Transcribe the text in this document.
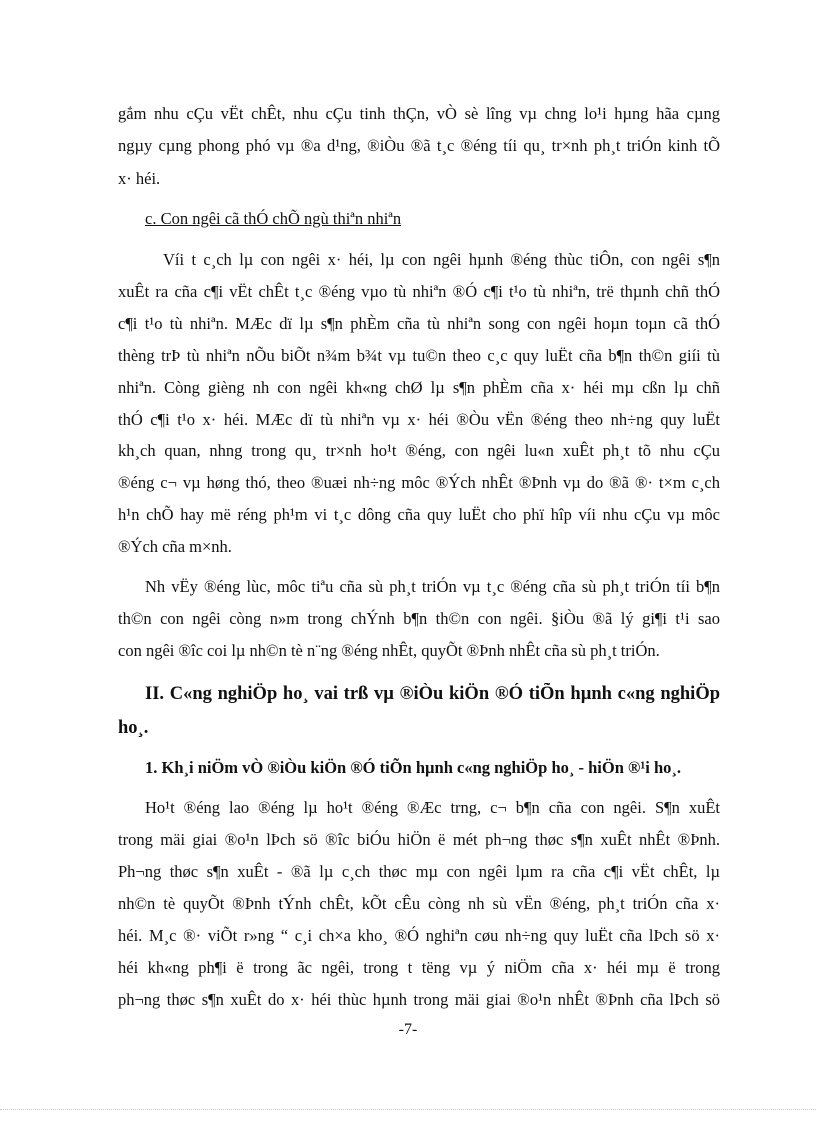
gắm nhu cÇu vËt chÊt, nhu cÇu tinh thÇn, vÒ sè lîng vµ chng lo¹i hµng hãa cµng
ngµy cµng phong phó vµ ®a d¹ng, ®iÒu ®ã t¸c ®éng tíi qu¸ tr×nh ph¸t triÓn kinh tÕ
x· héi.
c. Con ngêi cã thÓ chÕ ngù thiªn nhiªn
Víi t c¸ch lµ con ngêi x· héi, lµ con ngêi hµnh ®éng thùc tiÔn, con ngêi s¶n
xuÊt ra cña c¶i vËt chÊt t¸c ®éng vµo tù nhiªn ®Ó c¶i t¹o tù nhiªn, trë thµnh chñ thÓ
c¶i t¹o tù nhiªn. MÆc dï lµ s¶n phÈm cña tù nhiªn song con ngêi hoµn toµn cã thÓ
thèng trÞ tù nhiªn nÕu biÕt n¾m b¾t vµ tu©n theo c¸c quy luËt cña b¶n th©n giíi tù
nhiªn. Còng gièng nh con ngêi kh«ng chØ lµ s¶n phÈm cña x· héi mµ cßn lµ chñ
thÓ c¶i t¹o x· héi. MÆc dï tù nhiªn vµ x· héi ®Òu vËn ®éng theo nh÷ng quy luËt
kh¸ch quan, nhng trong qu¸ tr×nh ho¹t ®éng, con ngêi lu«n xuÊt ph¸t tõ nhu cÇu
®éng c¬ vµ høng thó, theo ®uæi nh÷ng môc ®Ých nhÊt ®Þnh vµ do ®ã ®· t×m c¸ch
h¹n chÕ hay më réng ph¹m vi t¸c dông cña quy luËt cho phï hîp víi nhu cÇu vµ môc
®Ých cña m×nh.
Nh vËy ®éng lùc, môc tiªu cña sù ph¸t triÓn vµ t¸c ®éng cña sù ph¸t triÓn tíi b¶n
th©n con ngêi còng n»m trong chÝnh b¶n th©n con ngêi. §iÒu ®ã lý gi¶i t¹i sao
con ngêi ®îc coi lµ nh©n tè n¨ng ®éng nhÊt, quyÕt ®Þnh nhÊt cña sù ph¸t triÓn.
II. C«ng nghiÖp ho¸ vai trß vµ ®iÒu kiÖn ®Ó tiÕn hµnh c«ng nghiÖp
ho¸.
1. Kh¸i niÖm vÒ ®iÒu kiÖn ®Ó tiÕn hµnh c«ng nghiÖp ho¸ - hiÖn ®¹i ho¸.
Ho¹t ®éng lao ®éng lµ ho¹t ®éng ®Æc trng, c¬ b¶n cña con ngêi. S¶n xuÊt
trong mäi giai ®o¹n lÞch sö ®îc biÓu hiÖn ë mét ph¬ng thøc s¶n xuÊt nhÊt ®Þnh.
Ph¬ng thøc s¶n xuÊt - ®ã lµ c¸ch thøc mµ con ngêi lµm ra cña c¶i vËt chÊt, lµ
nh©n tè quyÕt ®Þnh tÝnh chÊt, kÕt cÊu còng nh sù vËn ®éng, ph¸t triÓn cña x·
héi. M¸c ®· viÕt r»ng “ c¸i ch×a kho¸ ®Ó nghiªn cøu nh÷ng quy luËt cña lÞch sö x·
héi kh«ng ph¶i ë trong ãc ngêi, trong t tëng vµ ý niÖm cña x· héi mµ ë trong
ph¬ng thøc s¶n xuÊt do x· héi thùc hµnh trong mäi giai ®o¹n nhÊt ®Þnh cña lÞch sö
-7-
